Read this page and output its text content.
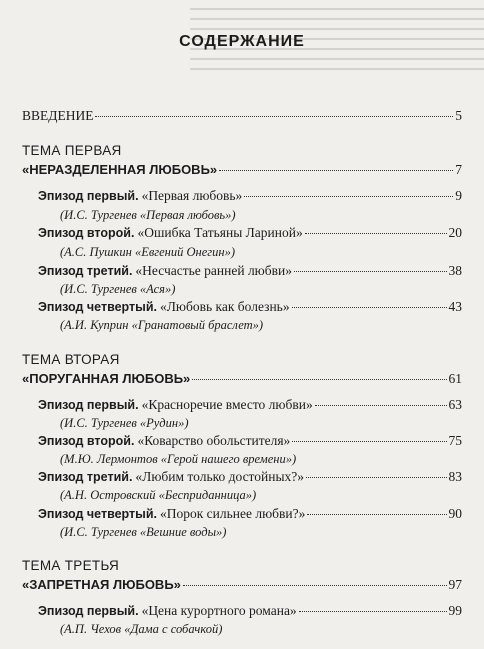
СОДЕРЖАНИЕ
ВВЕДЕНИЕ	5
ТЕМА ПЕРВАЯ
«НЕРАЗДЕЛЕННАЯ ЛЮБОВЬ»	7
Эпизод первый. «Первая любовь»	9
(И.С. Тургенев «Первая любовь»)
Эпизод второй. «Ошибка Татьяны Лариной»	20
(А.С. Пушкин «Евгений Онегин»)
Эпизод третий. «Несчастье ранней любви»	38
(И.С. Тургенев «Ася»)
Эпизод четвертый. «Любовь как болезнь»	43
(А.И. Куприн «Гранатовый браслет»)
ТЕМА ВТОРАЯ
«ПОРУГАННАЯ ЛЮБОВЬ»	61
Эпизод первый. «Красноречие вместо любви»	63
(И.С. Тургенев «Рудин»)
Эпизод второй. «Коварство обольстителя»	75
(М.Ю. Лермонтов «Герой нашего времени»)
Эпизод третий. «Любим только достойных?»	83
(А.Н. Островский «Бесприданница»)
Эпизод четвертый. «Порок сильнее любви?»	90
(И.С. Тургенев «Вешние воды»)
ТЕМА ТРЕТЬЯ
«ЗАПРЕТНАЯ ЛЮБОВЬ»	97
Эпизод первый. «Цена курортного романа»	99
(А.П. Чехов «Дама с собачкой)
